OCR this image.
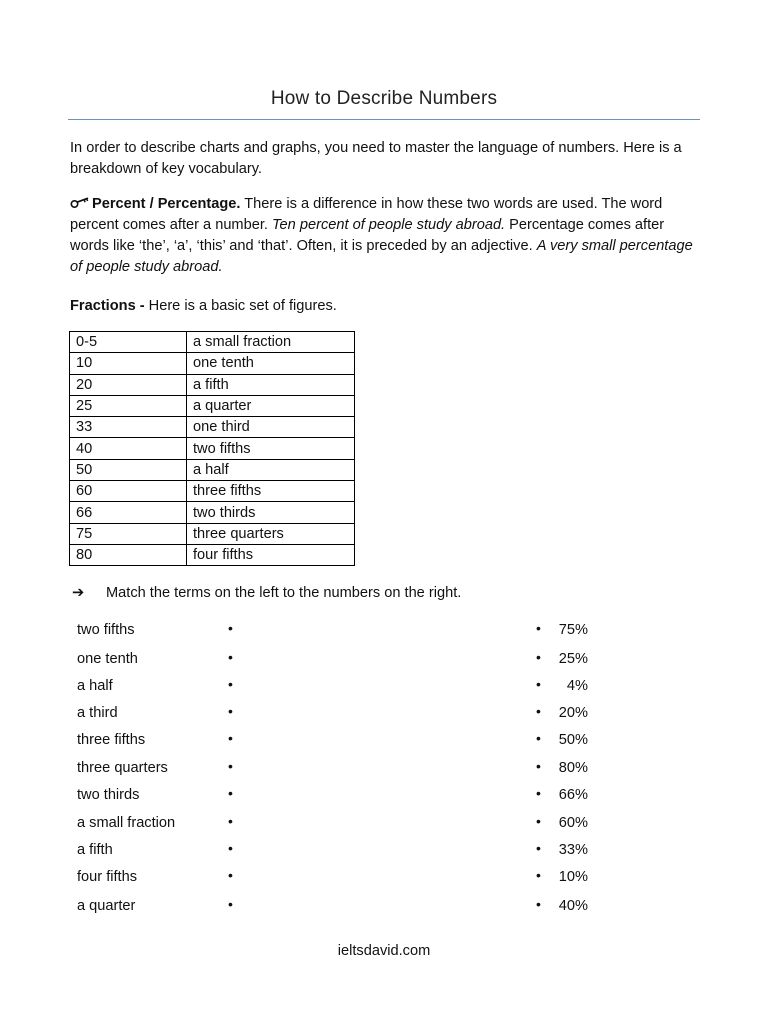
How to Describe Numbers

In order to describe charts and graphs, you need to master the language of numbers. Here is a breakdown of key vocabulary.

Percent / Percentage. There is a difference in how these two words are used. The word percent comes after a number. Ten percent of people study abroad. Percentage comes after words like ‘the’, ‘a’, ‘this’ and ‘that’. Often, it is preceded by an adjective. A very small percentage of people study abroad.

Fractions - Here is a basic set of figures.

0-5	a small fraction
10	one tenth
20	a fifth
25	a quarter
33	one third
40	two fifths
50	a half
60	three fifths
66	two thirds
75	three quarters
80	four fifths
➔ Match the terms on the left to the numbers on the right.
two fifths	•	•	75%
one tenth	•	•	25%
a half	•	•	4%
a third	•	•	20%
three fifths	•	•	50%
three quarters	•	•	80%
two thirds	•	•	66%
a small fraction	•	•	60%
a fifth	•	•	33%
four fifths	•	•	10%
a quarter	•	•	40%
ieltsdavid.com
